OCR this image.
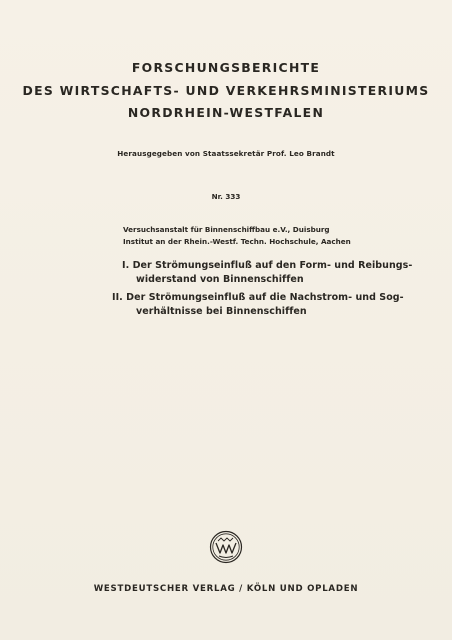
FORSCHUNGSBERICHTE
DES WIRTSCHAFTS- UND VERKEHRSMINISTERIUMS
NORDRHEIN-WESTFALEN
Herausgegeben von Staatssekretär Prof. Leo Brandt
Nr. 333
Versuchsanstalt für Binnenschiffbau e.V., Duisburg
Institut an der Rhein.-Westf. Techn. Hochschule, Aachen
I. Der Strömungseinfluß auf den Form- und Reibungs-
widerstand von Binnenschiffen
II. Der Strömungseinfluß auf die Nachstrom- und Sog-
verhältnisse bei Binnenschiffen
WESTDEUTSCHER VERLAG / KÖLN UND OPLADEN
